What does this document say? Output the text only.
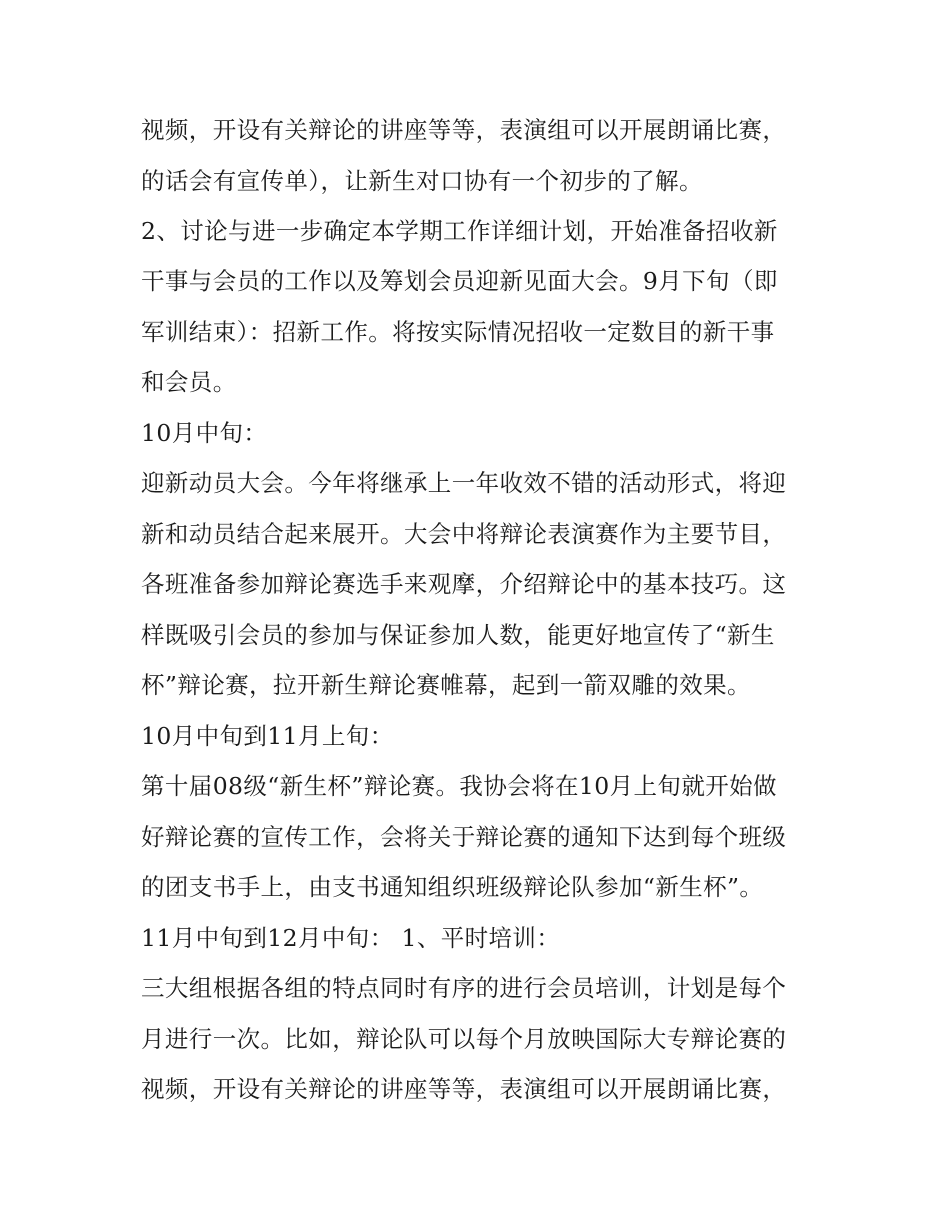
视频，开设有关辩论的讲座等等，表演组可以开展朗诵比赛，
的话会有宣传单），让新生对口协有一个初步的了解。
2、讨论与进一步确定本学期工作详细计划，开始准备招收新
干事与会员的工作以及筹划会员迎新见面大会。9月下旬（即
军训结束）：招新工作。将按实际情况招收一定数目的新干事
和会员。
10月中旬：
迎新动员大会。今年将继承上一年收效不错的活动形式，将迎
新和动员结合起来展开。大会中将辩论表演赛作为主要节目，
各班准备参加辩论赛选手来观摩，介绍辩论中的基本技巧。这
样既吸引会员的参加与保证参加人数，能更好地宣传了“新生
杯”辩论赛，拉开新生辩论赛帷幕，起到一箭双雕的效果。
10月中旬到11月上旬：
第十届08级“新生杯”辩论赛。我协会将在10月上旬就开始做
好辩论赛的宣传工作，会将关于辩论赛的通知下达到每个班级
的团支书手上，由支书通知组织班级辩论队参加“新生杯”。
11月中旬到12月中旬： 1、平时培训：
三大组根据各组的特点同时有序的进行会员培训，计划是每个
月进行一次。比如，辩论队可以每个月放映国际大专辩论赛的
视频，开设有关辩论的讲座等等，表演组可以开展朗诵比赛，
